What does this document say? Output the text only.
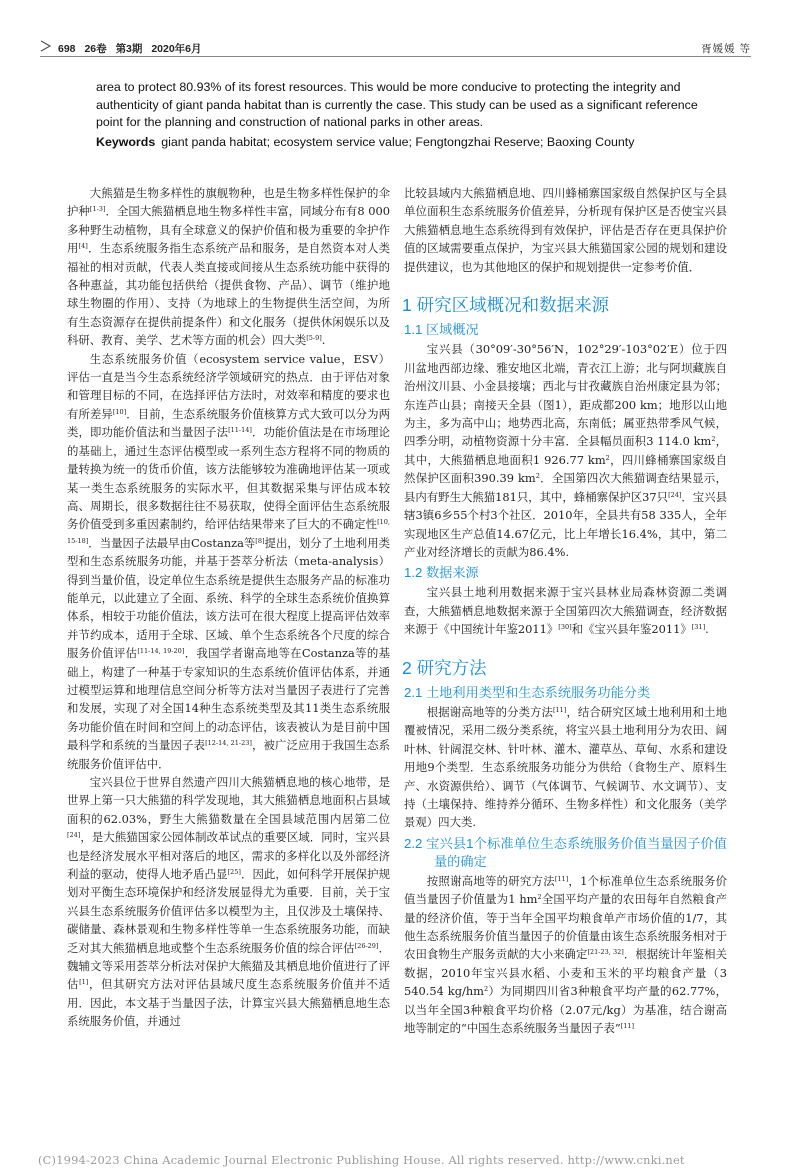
698 26卷 第3期 2020年6月	胥媛媛 等

area to protect 80.93% of its forest resources. This would be more conducive to protecting the integrity and

authenticity of giant panda habitat than is currently the case. This study can be used as a significant reference

point for the planning and construction of national parks in other areas.

Keywords giant panda habitat; ecosystem service value; Fengtongzhai Reserve; Baoxing County

大熊猫是生物多样性的旗舰物种，也是生物多样性保护的伞护种[1-3]．全国大熊猫栖息地生物多样性丰富，同域分布有8 000多种野生动植物，具有全球意义的保护价值和极为重要的伞护作用[4]．生态系统服务指生态系统产品和服务，是自然资本对人类福祉的相对贡献，代表人类直接或间接从生态系统功能中获得的各种惠益，其功能包括供给（提供食物、产品）、调节（维护地球生物圈的作用）、支持（为地球上的生物提供生活空间，为所有生态资源存在提供前提条件）和文化服务（提供休闲娱乐以及科研、教育、美学、艺术等方面的机会）四大类[5-9].

生态系统服务价值（ecosystem service value，ESV）评估一直是当今生态系统经济学领域研究的热点．由于评估对象和管理目标的不同，在选择评估方法时，对效率和精度的要求也有所差异[10]．目前，生态系统服务价值核算方式大致可以分为两类，即功能价值法和当量因子法[11-14]．功能价值法是在市场理论的基础上，通过生态评估模型或一系列生态方程将不同的物质的量转换为统一的货币价值，该方法能够较为准确地评估某一项或某一类生态系统服务的实际水平，但其数据采集与评估成本较高、周期长，很多数据往往不易获取，使得全面评估生态系统服务价值受到多重因素制约，给评估结果带来了巨大的不确定性[10, 15-18]．当量因子法最早由Costanza等[8]提出，划分了土地利用类型和生态系统服务功能，并基于荟萃分析法（meta-analysis）得到当量价值，设定单位生态系统是提供生态服务产品的标准功能单元，以此建立了全面、系统、科学的全球生态系统价值换算体系，相较于功能价值法，该方法可在很大程度上提高评估效率并节约成本，适用于全球、区域、单个生态系统各个尺度的综合服务价值评估[11-14, 19-20]．我国学者谢高地等在Costanza等的基础上，构建了一种基于专家知识的生态系统价值评估体系，并通过模型运算和地理信息空间分析等方法对当量因子表进行了完善和发展，实现了对全国14种生态系统类型及其11类生态系统服务功能价值在时间和空间上的动态评估，该表被认为是目前中国最科学和系统的当量因子表[12-14, 21-23]，被广泛应用于我国生态系统服务价值评估中．

宝兴县位于世界自然遗产四川大熊猫栖息地的核心地带，是世界上第一只大熊猫的科学发现地，其大熊猫栖息地面积占县域面积的62.03%，野生大熊猫数量在全国县域范围内居第二位[24]，是大熊猫国家公园体制改革试点的重要区域．同时，宝兴县也是经济发展水平相对落后的地区，需求的多样化以及外部经济利益的驱动，使得人地矛盾凸显[25]．因此，如何科学开展保护规划对平衡生态环境保护和经济发展显得尤为重要．目前，关于宝兴县生态系统服务价值评估多以模型为主，且仅涉及土壤保持、碳储量、森林景观和生物多样性等单一生态系统服务功能，而缺乏对其大熊猫栖息地或整个生态系统服务价值的综合评估[26-29]．魏辅文等采用荟萃分析法对保护大熊猫及其栖息地价值进行了评估[1]，但其研究方法对评估县域尺度生态系统服务价值并不适用．因此，本文基于当量因子法，计算宝兴县大熊猫栖息地生态系统服务价值，并通过

比较县域内大熊猫栖息地、四川蜂桶寨国家级自然保护区与全县单位面积生态系统服务价值差异，分析现有保护区是否使宝兴县大熊猫栖息地生态系统得到有效保护，评估是否存在更具保护价值的区域需要重点保护，为宝兴县大熊猫国家公园的规划和建设提供建议，也为其他地区的保护和规划提供一定参考价值．

1 研究区域概况和数据来源
1.1 区域概况

宝兴县（30°09′-30°56′N，102°29′-103°02′E）位于四川盆地西部边缘、雅安地区北端，青衣江上游；北与阿坝藏族自治州汶川县、小金县接壤；西北与甘孜藏族自治州康定县为邻；东连芦山县；南接天全县（图1），距成都200 km；地形以山地为主，多为高中山；地势西北高，东南低；属亚热带季风气候，四季分明，动植物资源十分丰富．全县幅员面积3 114.0 $km^2$，其中，大熊猫栖息地面积1 926.77 $km^2$，四川蜂桶寨国家级自然保护区面积390.39 $km^2$．全国第四次大熊猫调查结果显示，县内有野生大熊猫181只，其中，蜂桶寨保护区37只[24]．宝兴县辖3镇6乡55个村3个社区．2010年，全县共有58 335人，全年实现地区生产总值14.67亿元，比上年增长16.4%，其中，第二产业对经济增长的贡献为86.4%.

1.2 数据来源

宝兴县土地利用数据来源于宝兴县林业局森林资源二类调查，大熊猫栖息地数据来源于全国第四次大熊猫调查，经济数据来源于《中国统计年鉴2011》[30]和《宝兴县年鉴2011》[31].

2 研究方法
2.1 土地利用类型和生态系统服务功能分类

根据谢高地等的分类方法[11]，结合研究区域土地利用和土地覆被情况，采用二级分类系统，将宝兴县土地利用分为农田、阔叶林、针阔混交林、针叶林、灌木、灌草丛、草甸、水系和建设用地9个类型．生态系统服务功能分为供给（食物生产、原料生产、水资源供给）、调节（气体调节、气候调节、水文调节）、支持（土壤保持、维持养分循环、生物多样性）和文化服务（美学景观）四大类.

2.2 宝兴县1个标准单位生态系统服务价值当量因子价值量的确定

按照谢高地等的研究方法[11]，1个标准单位生态系统服务价值当量因子价值量为1 $hm^2$全国平均产量的农田每年自然粮食产量的经济价值，等于当年全国平均粮食单产市场价值的1/7，其他生态系统服务价值当量因子的价值量由该生态系统服务相对于农田食物生产服务贡献的大小来确定[21-23, 32]．根据统计年鉴相关数据，2010年宝兴县水稻、小麦和玉米的平均粮食产量（3 540.54 $kg/hm^2$）为同期四川省3种粮食平均产量的62.77%，以当年全国3种粮食平均价格（2.07元/kg）为基准，结合谢高地等制定的“中国生态系统服务当量因子表”[11]

(C)1994-2023 China Academic Journal Electronic Publishing House. All rights reserved. http://www.cnki.net
